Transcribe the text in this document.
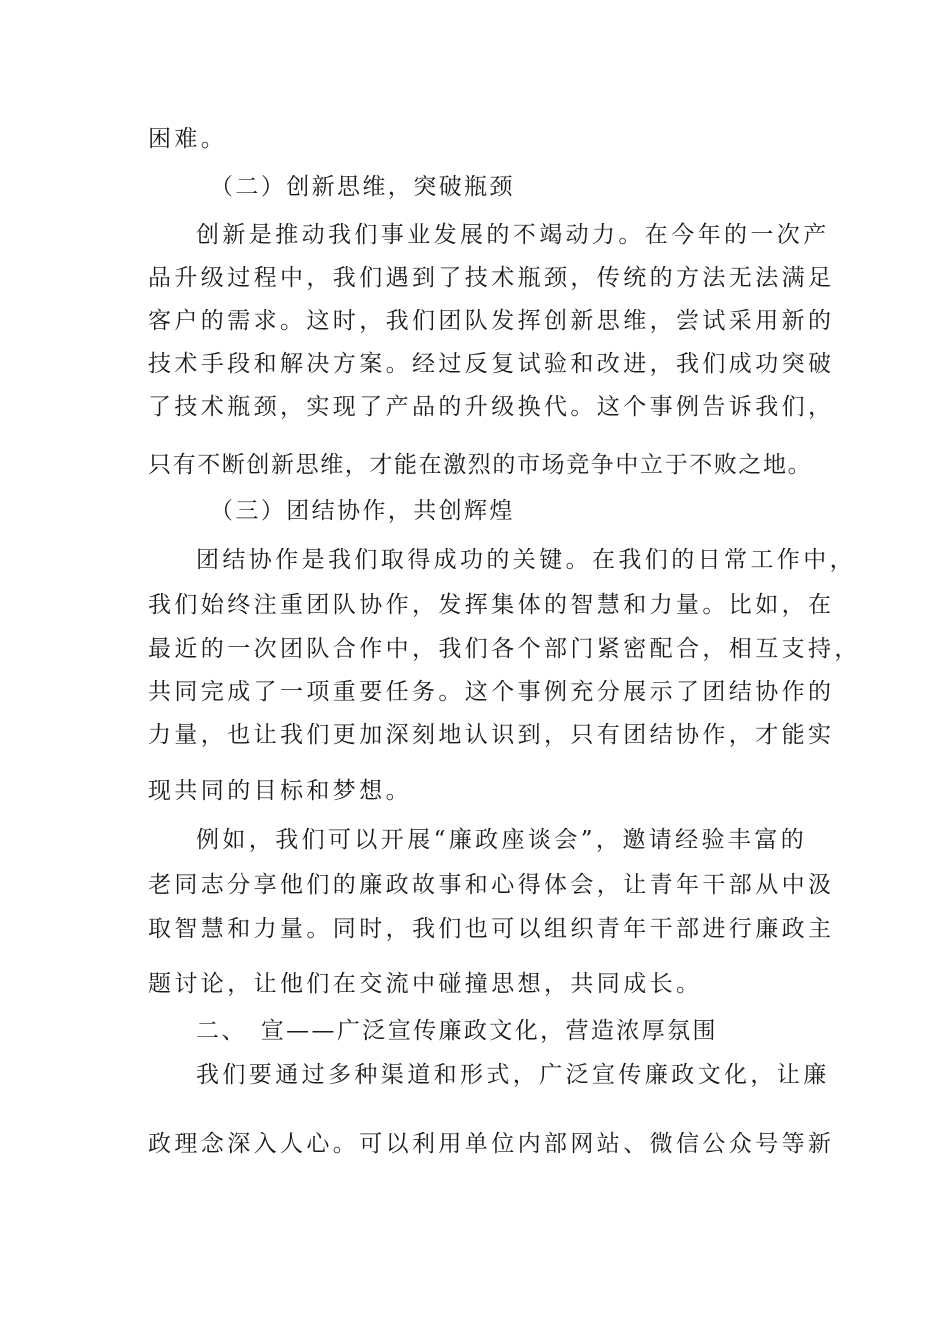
困难。
（二）创新思维，突破瓶颈
创新是推动我们事业发展的不竭动力。在今年的一次产
品升级过程中，我们遇到了技术瓶颈，传统的方法无法满足
客户的需求。这时，我们团队发挥创新思维，尝试采用新的
技术手段和解决方案。经过反复试验和改进，我们成功突破
了技术瓶颈，实现了产品的升级换代。这个事例告诉我们，
只有不断创新思维，才能在激烈的市场竞争中立于不败之地。
（三）团结协作，共创辉煌
团结协作是我们取得成功的关键。在我们的日常工作中，
我们始终注重团队协作，发挥集体的智慧和力量。比如，在
最近的一次团队合作中，我们各个部门紧密配合，相互支持，
共同完成了一项重要任务。这个事例充分展示了团结协作的
力量，也让我们更加深刻地认识到，只有团结协作，才能实
现共同的目标和梦想。
例如，我们可以开展“廉政座谈会”，邀请经验丰富的
老同志分享他们的廉政故事和心得体会，让青年干部从中汲
取智慧和力量。同时，我们也可以组织青年干部进行廉政主
题讨论，让他们在交流中碰撞思想，共同成长。
二、　宣——广泛宣传廉政文化，营造浓厚氛围
我们要通过多种渠道和形式，广泛宣传廉政文化，让廉
政理念深入人心。可以利用单位内部网站、微信公众号等新
